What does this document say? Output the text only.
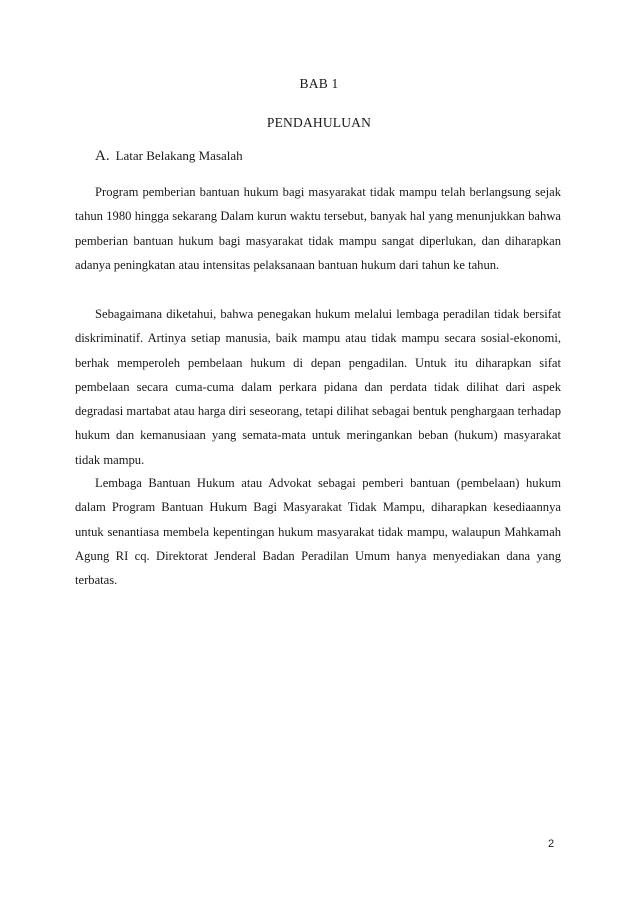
BAB 1
PENDAHULUAN
A. Latar Belakang Masalah

Program pemberian bantuan hukum bagi masyarakat tidak mampu telah berlangsung sejak tahun 1980 hingga sekarang Dalam kurun waktu tersebut, banyak hal yang menunjukkan bahwa pemberian bantuan hukum bagi masyarakat tidak mampu sangat diperlukan, dan diharapkan adanya peningkatan atau intensitas pelaksanaan bantuan hukum dari tahun ke tahun.

Sebagaimana diketahui, bahwa penegakan hukum melalui lembaga peradilan tidak bersifat diskriminatif. Artinya setiap manusia, baik mampu atau tidak mampu secara sosial-ekonomi, berhak memperoleh pembelaan hukum di depan pengadilan. Untuk itu diharapkan sifat pembelaan secara cuma-cuma dalam perkara pidana dan perdata tidak dilihat dari aspek degradasi martabat atau harga diri seseorang, tetapi dilihat sebagai bentuk penghargaan terhadap hukum dan kemanusiaan yang semata-mata untuk meringankan beban (hukum) masyarakat tidak mampu.

Lembaga Bantuan Hukum atau Advokat sebagai pemberi bantuan (pembelaan) hukum dalam Program Bantuan Hukum Bagi Masyarakat Tidak Mampu, diharapkan kesediaannya untuk senantiasa membela kepentingan hukum masyarakat tidak mampu, walaupun Mahkamah Agung RI cq. Direktorat Jenderal Badan Peradilan Umum hanya menyediakan dana yang terbatas.

2
